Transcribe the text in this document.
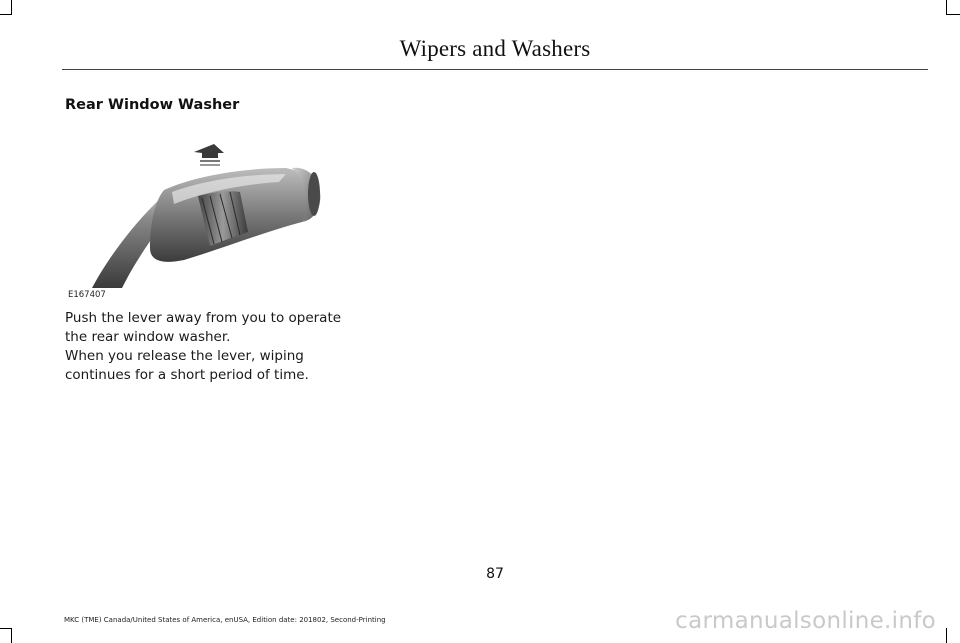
Wipers and Washers
Rear Window Washer
E167407

Push the lever away from you to operate the rear window washer.

When you release the lever, wiping continues for a short period of time.

87
MKC (TME) Canada/United States of America, enUSA, Edition date: 201802, Second-Printing	carmanualsonline.info
